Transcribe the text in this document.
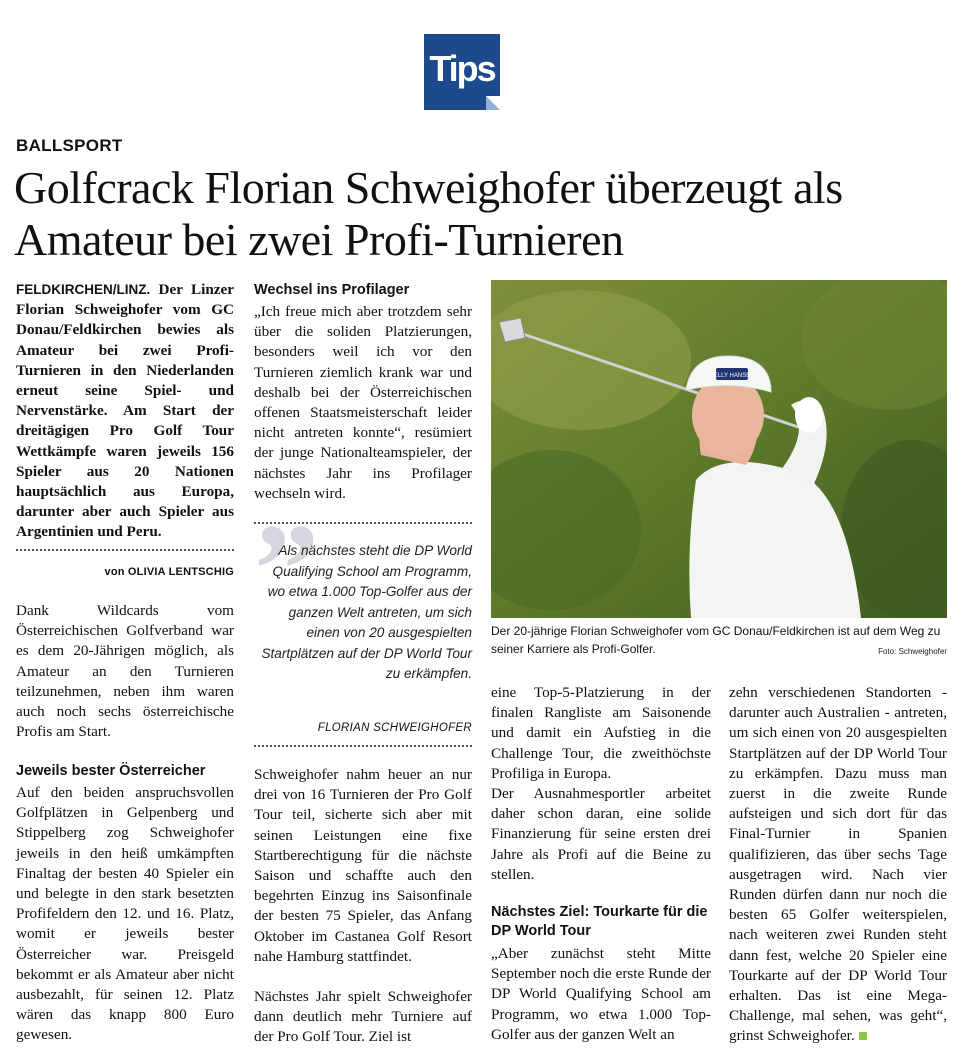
Tips
BALLSPORT
Golfcrack Florian Schweighofer überzeugt als Amateur bei zwei Profi-Turnieren
FELDKIRCHEN/LINZ. Der Linzer Florian Schweighofer vom GC Donau/Feldkirchen bewies als Amateur bei zwei Profi-Turnieren in den Niederlanden erneut seine Spiel- und Nervenstärke. Am Start der dreitägigen Pro Golf Tour Wettkämpfe waren jeweils 156 Spieler aus 20 Nationen hauptsächlich aus Europa, darunter aber auch Spieler aus Argentinien und Peru.
von OLIVIA LENTSCHIG
Dank Wildcards vom Österreichischen Golfverband war es dem 20-Jährigen möglich, als Amateur an den Turnieren teilzunehmen, neben ihm waren auch noch sechs österreichische Profis am Start.
Jeweils bester Österreicher
Auf den beiden anspruchsvollen Golfplätzen in Gelpenberg und Stippelberg zog Schweighofer jeweils in den heiß umkämpften Finaltag der besten 40 Spieler ein und belegte in den stark besetzten Profifeldern den 12. und 16. Platz, womit er jeweils bester Österreicher war. Preisgeld bekommt er als Amateur aber nicht ausbezahlt, für seinen 12. Platz wären das knapp 800 Euro gewesen.
Wechsel ins Profilager
„Ich freue mich aber trotzdem sehr über die soliden Platzierungen, besonders weil ich vor den Turnieren ziemlich krank war und deshalb bei der Österreichischen offenen Staatsmeisterschaft leider nicht antreten konnte“, resümiert der junge Nationalteamspieler, der nächstes Jahr ins Profilager wechseln wird.
”
Als nächstes steht die DP World Qualifying School am Programm, wo etwa 1.000 Top-Golfer aus der ganzen Welt antreten, um sich einen von 20 ausgespielten Startplätzen auf der DP World Tour zu erkämpfen.
FLORIAN SCHWEIGHOFER
Schweighofer nahm heuer an nur drei von 16 Turnieren der Pro Golf Tour teil, sicherte sich aber mit seinen Leistungen eine fixe Startberechtigung für die nächste Saison und schaffte auch den begehrten Einzug ins Saisonfinale der besten 75 Spieler, das Anfang Oktober im Castanea Golf Resort nahe Hamburg stattfindet.
Nächstes Jahr spielt Schweighofer dann deutlich mehr Turniere auf der Pro Golf Tour. Ziel ist
HELLY HANSEN
Der 20-jährige Florian Schweighofer vom GC Donau/Feldkirchen ist auf dem Weg zu seiner Karriere als Profi-Golfer.	Foto: Schweighofer
eine Top-5-Platzierung in der finalen Rangliste am Saisonende und damit ein Aufstieg in die Challenge Tour, die zweithöchste Profiliga in Europa.
Der Ausnahmesportler arbeitet daher schon daran, eine solide Finanzierung für seine ersten drei Jahre als Profi auf die Beine zu stellen.
Nächstes Ziel: Tourkarte für die DP World Tour
„Aber zunächst steht Mitte September noch die erste Runde der DP World Qualifying School am Programm, wo etwa 1.000 Top-Golfer aus der ganzen Welt an
zehn verschiedenen Standorten - darunter auch Australien - antreten, um sich einen von 20 ausgespielten Startplätzen auf der DP World Tour zu erkämpfen. Dazu muss man zuerst in die zweite Runde aufsteigen und sich dort für das Final-Turnier in Spanien qualifizieren, das über sechs Tage ausgetragen wird. Nach vier Runden dürfen dann nur noch die besten 65 Golfer weiterspielen, nach weiteren zwei Runden steht dann fest, welche 20 Spieler eine Tourkarte auf der DP World Tour erhalten. Das ist eine Mega-Challenge, mal sehen, was geht“, grinst Schweighofer.
